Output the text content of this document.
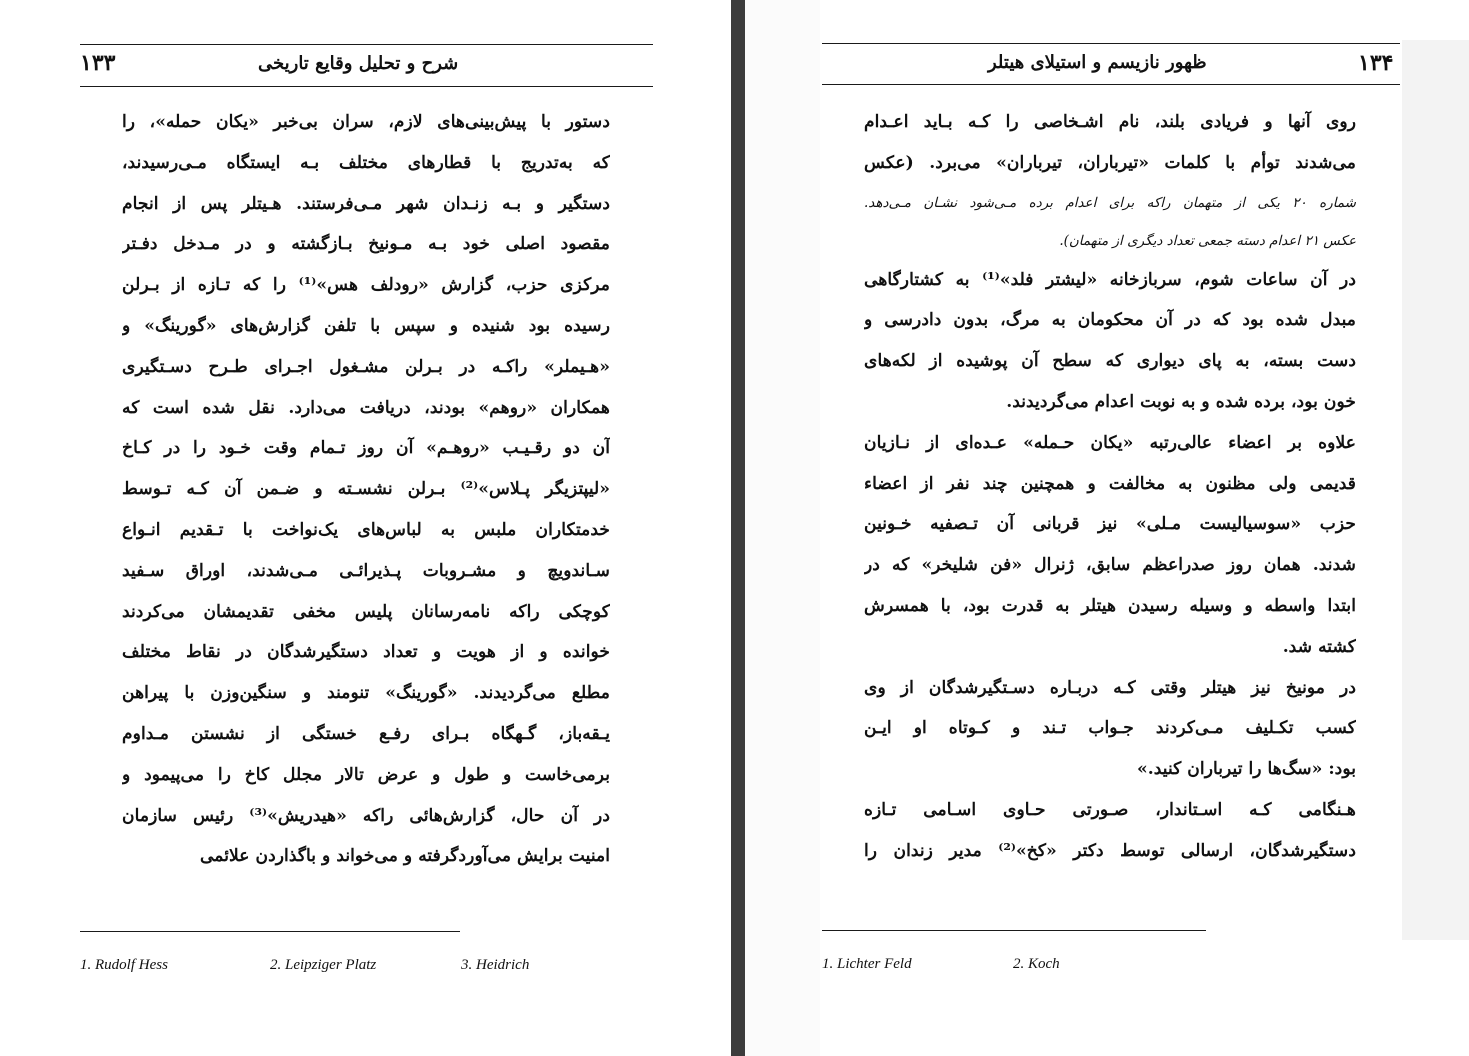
۱۳۳	شرح و تحلیل وقایع تاریخی
دستور با پیش‌بینی‌های لازم، سران بی‌خبر «یکان حمله»، را
که به‌تدریج با قطارهای مختلف بـه ایستگاه مـی‌رسیدند،
دستگیر و بـه زنـدان شهر مـی‌فرستند. هـیتلر پس از انجام
مقصود اصلی خود بـه مـونیخ بـازگشته و در مـدخل دفـتر
مرکزی حزب، گزارش «رودلف هس»⁽¹⁾ را که تـازه از بـرلن
رسیده بود شنیده و سپس با تلفن گزارش‌های «گورینگ» و
«هـیملر» راکـه در بـرلن مشـغول اجـرای طـرح دسـتگیری
همکاران «روهم» بودند، دریافت می‌دارد. نقل شده است که
آن دو رقـیـب «روهـم» آن روز تـمام وقت خـود را در کـاخ
«لیپتزیگر پـلاس»⁽²⁾ بـرلن نشسـته و ضـمن آن کـه تـوسط
خدمتکاران ملبس به لباس‌های یک‌نواخت با تـقدیم انـواع
سـاندویچ و مشـروبات پـذیرائـی مـی‌شدند، اوراق سـفید
کوچکی راکه نامه‌رسانان پلیس مخفی تقدیمشان می‌کردند
خوانده و از هویت و تعداد دستگیرشدگان در نقاط مختلف
مطلع می‌گردیدند. «گورینگ» تنومند و سنگین‌وزن با پیراهن
یـقه‌باز، گـهگاه بـرای رفـع خستگی از نشستن مـداوم
برمی‌خاست و طول و عرض تالار مجلل کاخ را می‌پیمود و
در آن حال، گزارش‌هائی راکه «هیدریش»⁽³⁾ رئیس سازمان
امنیت برایش می‌آوردگرفته و می‌خواند و باگذاردن علائمی
1. Rudolf Hess	2. Leipziger Platz	3. Heidrich
ظهور نازیسم و استیلای هیتلر	۱۳۴
روی آنها و فریادی بلند، نام اشـخاصی را کـه بـاید اعـدام
می‌شدند توأم با کلمات «تیرباران، تیرباران» می‌برد. (عکس
شماره ۲۰ یکی از متهمان راکه برای اعدام برده مـی‌شود نشـان مـی‌دهد.
عکس ۲۱ اعدام دسته جمعی تعداد دیگری از متهمان).
در آن ساعات شوم، سربازخانه «لیشتر فلد»⁽¹⁾ به کشتارگاهی
مبدل شده بود که در آن محکومان به مرگ، بدون دادرسی و
دست بسته، به پای دیواری که سطح آن پوشیده از لکه‌های
خون بود، برده شده و به نوبت اعدام می‌گردیدند.
علاوه بر اعضاء عالی‌رتبه «یکان حـمله» عـده‌ای از نـازیان
قدیمی ولی مظنون به مخالفت و همچنین چند نفر از اعضاء
حزب «سوسیالیست مـلی» نیز قربانی آن تـصفیه خـونین
شدند. همان روز صدراعظم سابق، ژنرال «فن شلیخر» که در
ابتدا واسطه و وسیله رسیدن هیتلر به قدرت بود، با همسرش
کشته شد.
در مونیخ نیز هیتلر وقتی کـه دربـاره دسـتگیرشدگان از وی
کسب تکـلیف مـی‌کردند جـواب تـند و کـوتاه او ایـن
بود: «سگ‌ها را تیرباران کنید.»
هـنگامی کـه اسـتاندار، صـورتی حـاوی اسـامی تـازه
دستگیرشدگان، ارسالی توسط دکتر «کخ»⁽²⁾ مدیر زندان را
1. Lichter Feld	2. Koch
